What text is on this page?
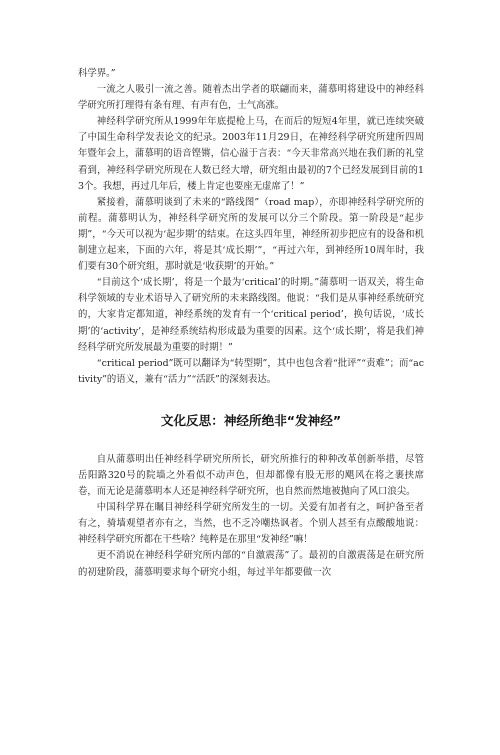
科学界。”

一流之人吸引一流之善。随着杰出学者的联翩而来，蒲慕明将建设中的神经科学研究所打理得有条有理、有声有色，士气高涨。

神经科学研究所从1999年年底提枪上马，在而后的短短4年里，就已连续突破了中国生命科学发表论文的纪录。2003年11月29日，在神经科学研究所建所四周年暨年会上，蒲慕明的语音铿锵，信心溢于言表：“今天非常高兴地在我们新的礼堂看到，神经科学研究所现在人数已经大增，研究组由最初的7个已经发展到目前的13个。我想，再过几年后，楼上肯定也要座无虚席了！”

紧接着，蒲慕明谈到了未来的“路线图”（road map），亦即神经科学研究所的前程。蒲慕明认为，神经科学研究所的发展可以分三个阶段。第一阶段是“起步期”，“今天可以视为‘起步期’的结束。在这头四年里，神经所初步把应有的设备和机制建立起来，下面的六年，将是其‘成长期’”，“再过六年，到神经所10周年时，我们要有30个研究组，那时就是‘收获期’的开始。”

“目前这个‘成长期’，将是一个最为‘critical’的时期。”蒲慕明一语双关，将生命科学领域的专业术语导入了研究所的未来路线图。他说：“我们是从事神经系统研究的，大家肯定都知道，神经系统的发育有一个‘critical period’，换句话说，‘成长期’的‘activity’，是神经系统结构形成最为重要的因素。这个‘成长期’，将是我们神经科学研究所发展最为重要的时期！”

“critical period”既可以翻译为“转型期”，其中也包含着“批评”“责难”；而“activity”的语义，兼有“活力”“活跃”的深刻表达。

文化反思：神经所绝非“发神经”

自从蒲慕明出任神经科学研究所所长，研究所推行的种种改革创新举措，尽管岳阳路320号的院墙之外看似不动声色，但却都像有股无形的飓风在将之裹挟席卷，而无论是蒲慕明本人还是神经科学研究所，也自然而然地被抛向了风口浪尖。

中国科学界在瞩目神经科学研究所发生的一切。关爱有加者有之，呵护备至者有之，骑墙观望者亦有之，当然，也不乏冷嘲热讽者。个别人甚至有点酸酸地说：神经科学研究所都在干些啥？纯粹是在那里“发神经”嘛！

更不消说在神经科学研究所内部的“自激震荡”了。最初的自激震荡是在研究所的初建阶段，蒲慕明要求每个研究小组，每过半年都要做一次
